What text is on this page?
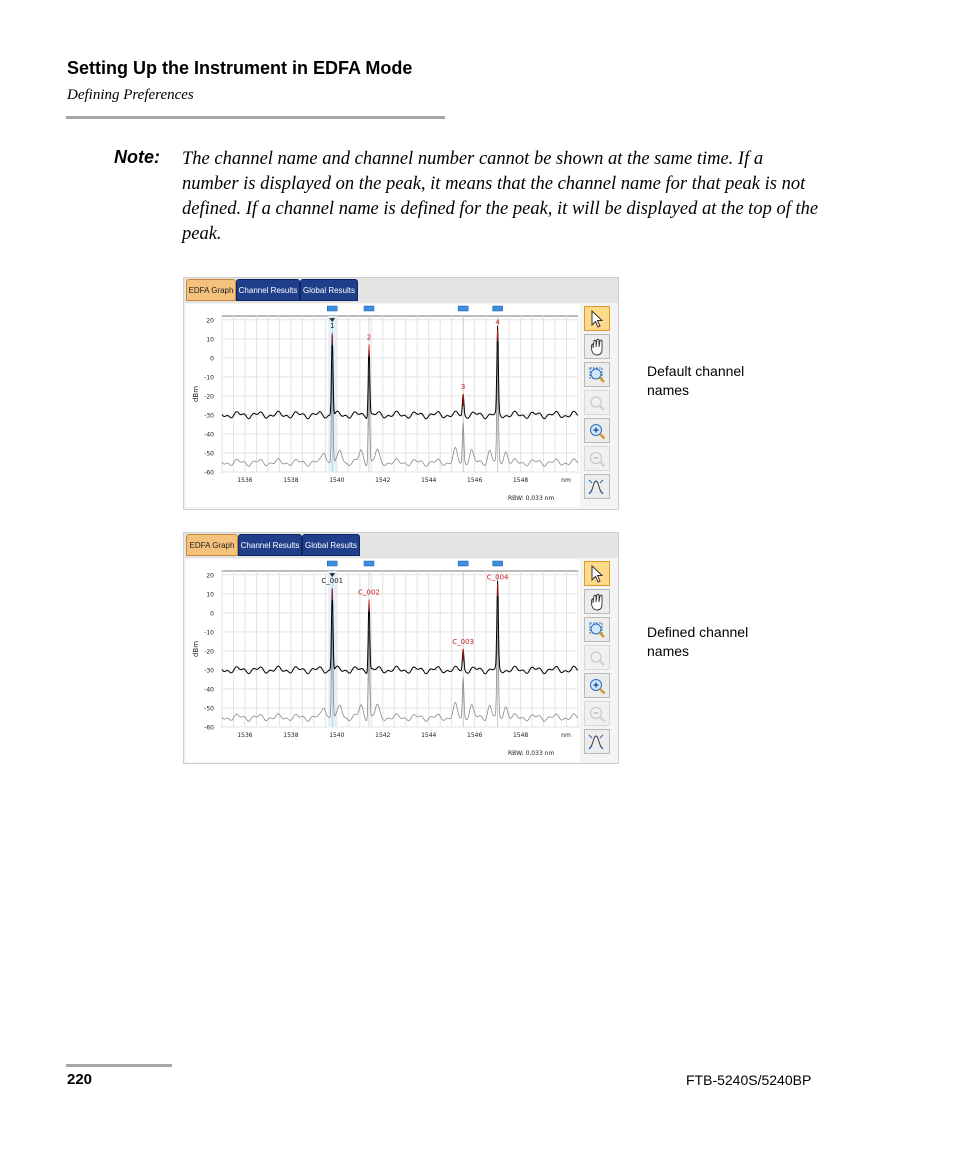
Setting Up the Instrument in EDFA Mode
Defining Preferences
Note: The channel name and channel number cannot be shown at the same time. If a number is displayed on the peak, it means that the channel name for that peak is not defined. If a channel name is defined for the peak, it will be displayed at the top of the peak.
EDFA Graph Channel Results Global Results
20
10
0
-10
-20
-30
-40
-50
-60
1536	1538	1540	1542	1544	1546	1548	nm
dBm
1
2
3
4
RBW: 0.033 nm
Default channel names
EDFA Graph Channel Results Global Results
20
10
0
-10
-20
-30
-40
-50
-60
1536	1538	1540	1542	1544	1546	1548	nm
dBm
C_001
C_002
C_003
C_004
RBW: 0.033 nm
Defined channel names
220	FTB-5240S/5240BP
